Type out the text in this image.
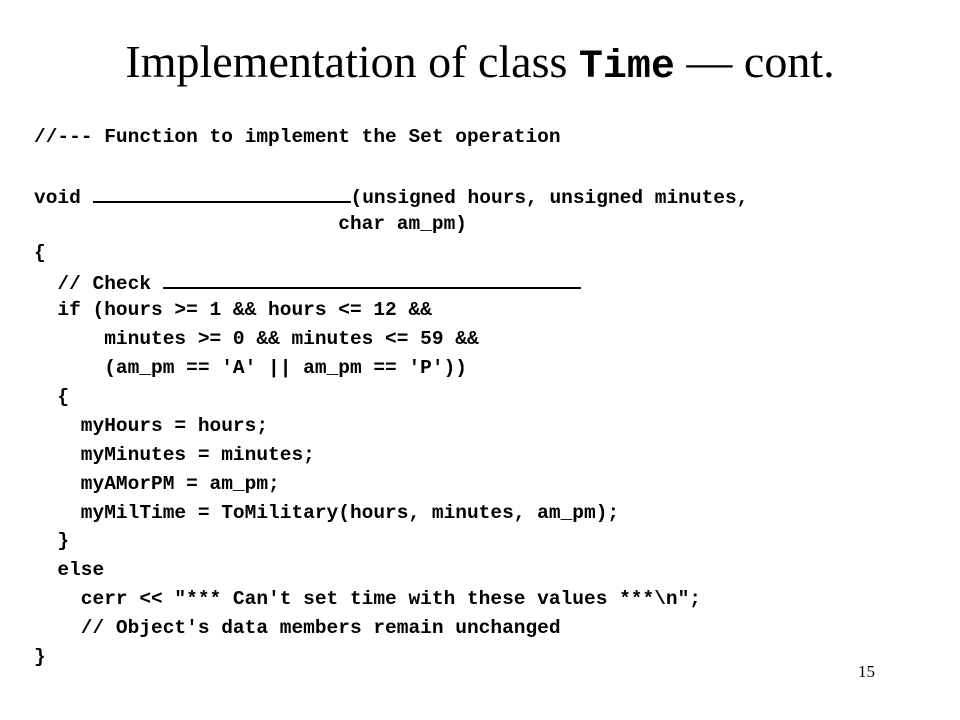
Implementation of class Time — cont.
//--- Function to implement the Set operation
void	(unsigned hours, unsigned minutes,
char am_pm)
{
// Check
if (hours >= 1 && hours <= 12 &&
minutes >= 0 && minutes <= 59 &&
(am_pm == 'A' || am_pm == 'P'))
{
myHours = hours;
myMinutes = minutes;
myAMorPM = am_pm;
myMilTime = ToMilitary(hours, minutes, am_pm);
}
else
cerr << "*** Can't set time with these values ***\n";
// Object's data members remain unchanged
}
15
